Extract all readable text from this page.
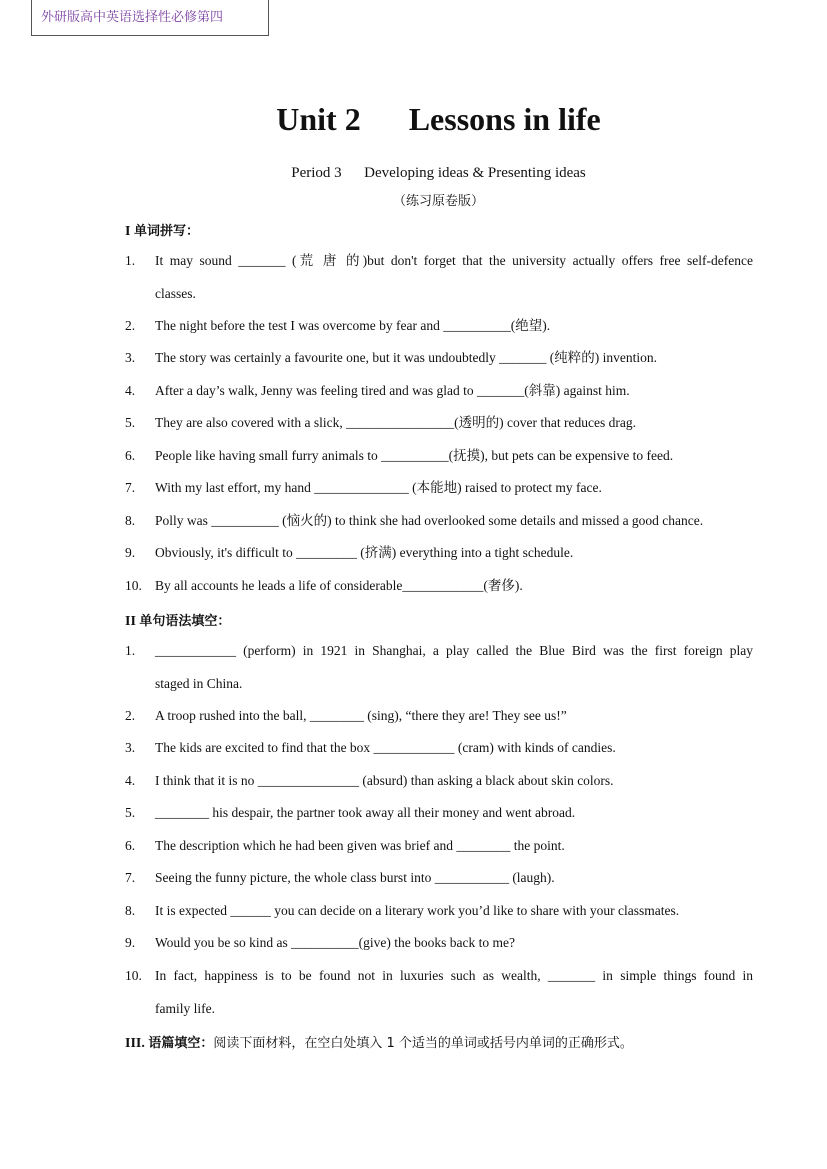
外研版高中英语选择性必修第四
Unit 2      Lessons in life
Period 3      Developing ideas & Presenting ideas
（练习原卷版）
I 单词拼写：
1. It may sound _______ (荒 唐 的)but don't forget that the university actually offers free self-defence
classes.
2. The night before the test I was overcome by fear and __________(绝望).
3. The story was certainly a favourite one, but it was undoubtedly _______ (纯粹的) invention.
4. After a day’s walk, Jenny was feeling tired and was glad to _______(斜靠) against him.
5. They are also covered with a slick, ________________(透明的) cover that reduces drag.
6. People like having small furry animals to __________(抚摸), but pets can be expensive to feed.
7. With my last effort, my hand ______________ (本能地) raised to protect my face.
8. Polly was __________ (恼火的) to think she had overlooked some details and missed a good chance.
9. Obviously, it's difficult to _________ (挤满) everything into a tight schedule.
10. By all accounts he leads a life of considerable____________(奢侈).
II 单句语法填空：
1. ____________ (perform) in 1921 in Shanghai, a play called the Blue Bird was the first foreign play
staged in China.
2. A troop rushed into the ball, ________ (sing), “there they are! They see us!”
3. The kids are excited to find that the box ____________ (cram) with kinds of candies.
4. I think that it is no _______________ (absurd) than asking a black about skin colors.
5. ________ his despair, the partner took away all their money and went abroad.
6. The description which he had been given was brief and ________ the point.
7. Seeing the funny picture, the whole class burst into ___________ (laugh).
8. It is expected ______ you can decide on a literary work you’d like to share with your classmates.
9. Would you be so kind as __________(give) the books back to me?
10. In fact, happiness is to be found not in luxuries such as wealth, _______ in simple things found in
family life.
III. 语篇填空：阅读下面材料，在空白处填入 1 个适当的单词或括号内单词的正确形式。
